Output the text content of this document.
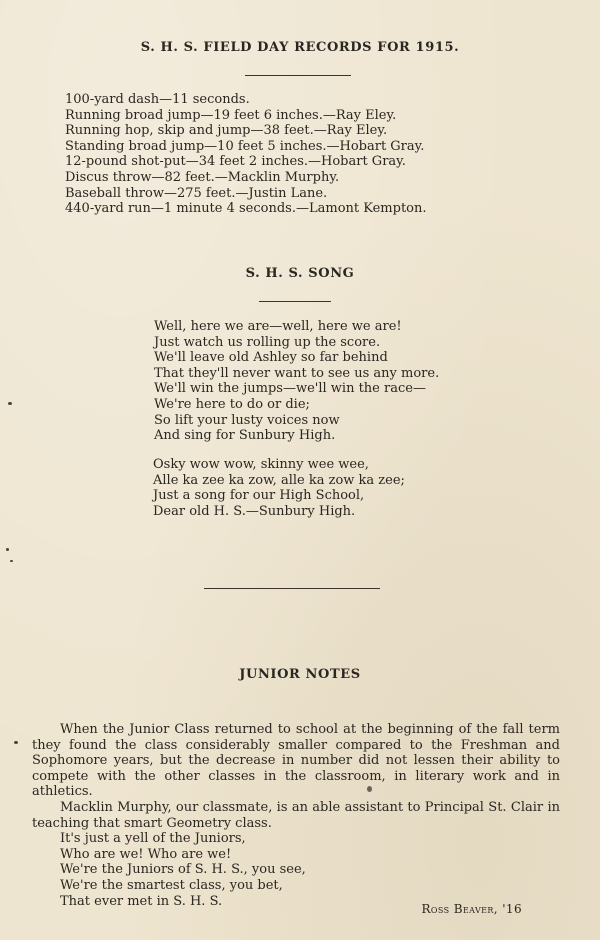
S. H. S. FIELD DAY RECORDS FOR 1915.
100-yard dash—11 seconds.
Running broad jump—19 feet 6 inches.—Ray Eley.
Running hop, skip and jump—38 feet.—Ray Eley.
Standing broad jump—10 feet 5 inches.—Hobart Gray.
12-pound shot-put—34 feet 2 inches.—Hobart Gray.
Discus throw—82 feet.—Macklin Murphy.
Baseball throw—275 feet.—Justin Lane.
440-yard run—1 minute 4 seconds.—Lamont Kempton.
S. H. S. SONG
Well, here we are—well, here we are!
Just watch us rolling up the score.
We'll leave old Ashley so far behind
That they'll never want to see us any more.
We'll win the jumps—we'll win the race—
We're here to do or die;
So lift your lusty voices now
And sing for Sunbury High.
Osky wow wow, skinny wee wee,
Alle ka zee ka zow, alle ka zow ka zee;
Just a song for our High School,
Dear old H. S.—Sunbury High.
JUNIOR NOTES

When the Junior Class returned to school at the beginning of the fall term they found the class considerably smaller compared to the Freshman and Sophomore years, but the decrease in number did not lessen their ability to compete with the other classes in the classroom, in literary work and in athletics.

Macklin Murphy, our classmate, is an able assistant to Principal St. Clair in teaching that smart Geometry class.

It's just a yell of the Juniors,
Who are we! Who are we!
We're the Juniors of S. H. S., you see,
We're the smartest class, you bet,
That ever met in S. H. S.
Ross Beaver, '16
